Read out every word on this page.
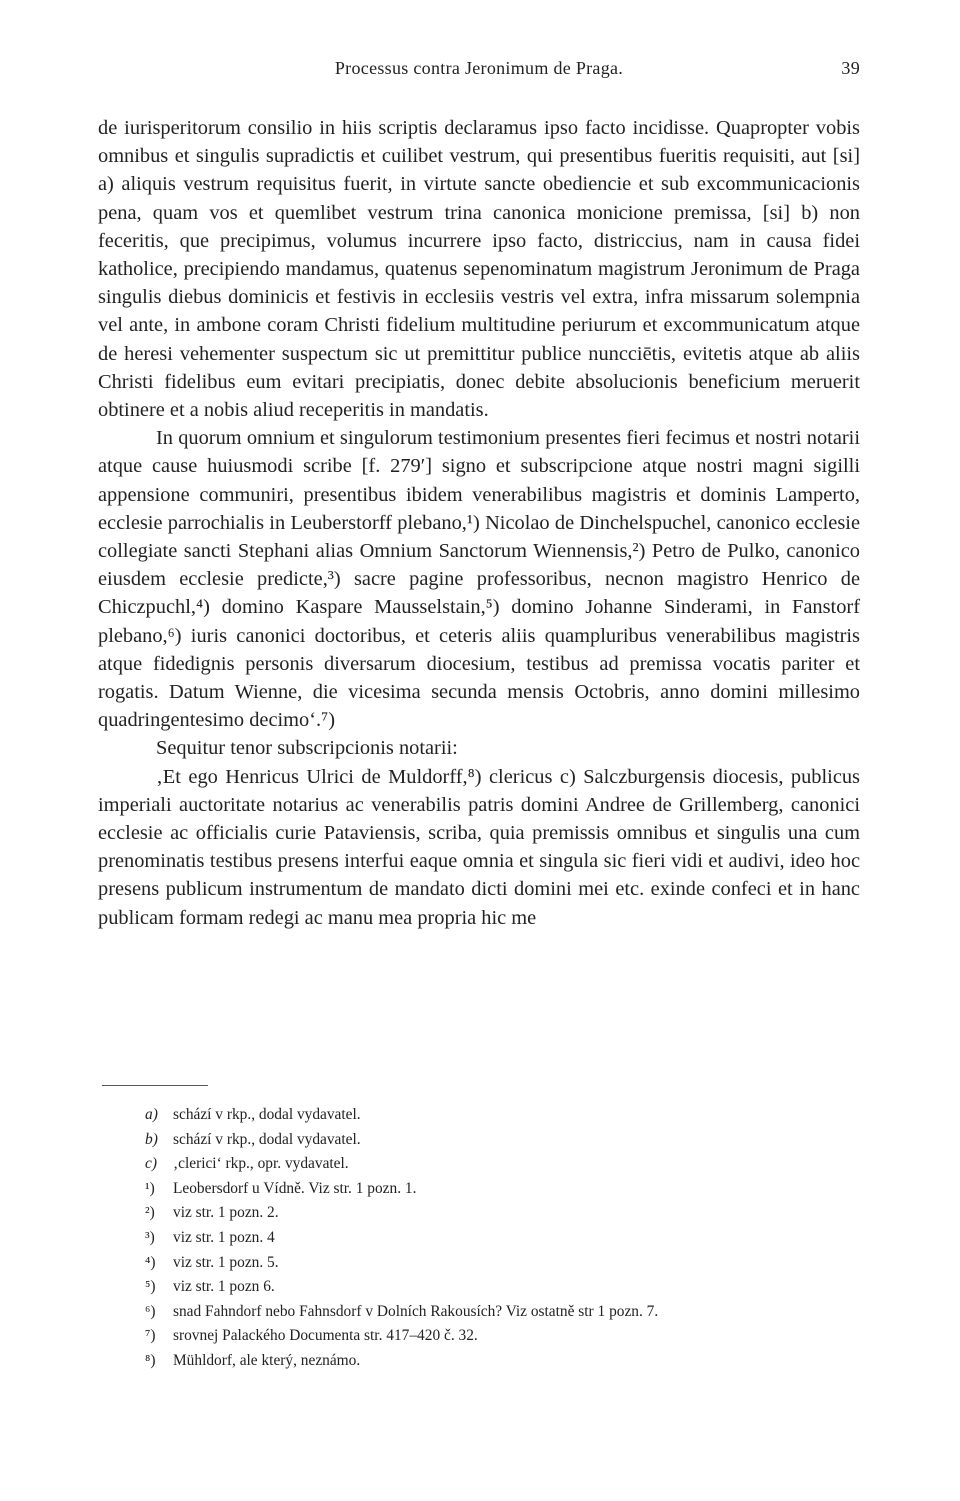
Processus contra Jeronimum de Praga.	39

de iurisperitorum consilio in hiis scriptis declaramus ipso facto incidisse. Quapropter vobis omnibus et singulis supradictis et cuilibet vestrum, qui presentibus fueritis requisiti, aut [si] a) aliquis vestrum requisitus fuerit, in virtute sancte obediencie et sub excommunicacionis pena, quam vos et quemlibet vestrum trina canonica monicione premissa, [si] b) non feceritis, que precipimus, volumus incurrere ipso facto, districcius, nam in causa fidei katholice, precipiendo mandamus, quatenus sepenominatum magistrum Jeronimum de Praga singulis diebus dominicis et festivis in ecclesiis vestris vel extra, infra missarum solempnia vel ante, in ambone coram Christi fidelium multitudine periurum et excommunicatum atque de heresi vehementer suspectum sic ut premittitur publice nuncciētis, evitetis atque ab aliis Christi fidelibus eum evitari precipiatis, donec debite absolucionis beneficium meruerit obtinere et a nobis aliud receperitis in mandatis.

In quorum omnium et singulorum testimonium presentes fieri fecimus et nostri notarii atque cause huiusmodi scribe [f. 279′] signo et subscripcione atque nostri magni sigilli appensione communiri, presentibus ibidem venerabilibus magistris et dominis Lamperto, ecclesie parrochialis in Leuberstorff plebano,¹) Nicolao de Dinchelspuchel, canonico ecclesie collegiate sancti Stephani alias Omnium Sanctorum Wiennensis,²) Petro de Pulko, canonico eiusdem ecclesie predicte,³) sacre pagine professoribus, necnon magistro Henrico de Chiczpuchl,⁴) domino Kaspare Mausselstain,⁵) domino Johanne Sinderami, in Fanstorf plebano,⁶) iuris canonici doctoribus, et ceteris aliis quampluribus venerabilibus magistris atque fidedignis personis diversarum diocesium, testibus ad premissa vocatis pariter et rogatis. Datum Wienne, die vicesima secunda mensis Octobris, anno domini millesimo quadringentesimo decimo‘.⁷)

Sequitur tenor subscripcionis notarii:

‚Et ego Henricus Ulrici de Muldorff,⁸) clericus c) Salczburgensis diocesis, publicus imperiali auctoritate notarius ac venerabilis patris domini Andree de Grillemberg, canonici ecclesie ac officialis curie Pataviensis, scriba, quia premissis omnibus et singulis una cum prenominatis testibus presens interfui eaque omnia et singula sic fieri vidi et audivi, ideo hoc presens publicum instrumentum de mandato dicti domini mei etc. exinde confeci et in hanc publicam formam redegi ac manu mea propria hic me

a) schází v rkp., dodal vydavatel.
b) schází v rkp., dodal vydavatel.
c)	‚clerici‘ rkp., opr. vydavatel.
¹)	Leobersdorf u Vídně. Viz str. 1 pozn. 1.
²)	viz str. 1 pozn. 2.
³)	viz str. 1 pozn. 4
⁴)	viz str. 1 pozn. 5.
⁵)	viz str. 1 pozn 6.
⁶)	snad Fahndorf nebo Fahnsdorf v Dolních Rakousích? Viz ostatně str 1 pozn. 7.
⁷)	srovnej Palackého Documenta str. 417–420 č. 32.
⁸)	Mühldorf, ale který, neznámo.
